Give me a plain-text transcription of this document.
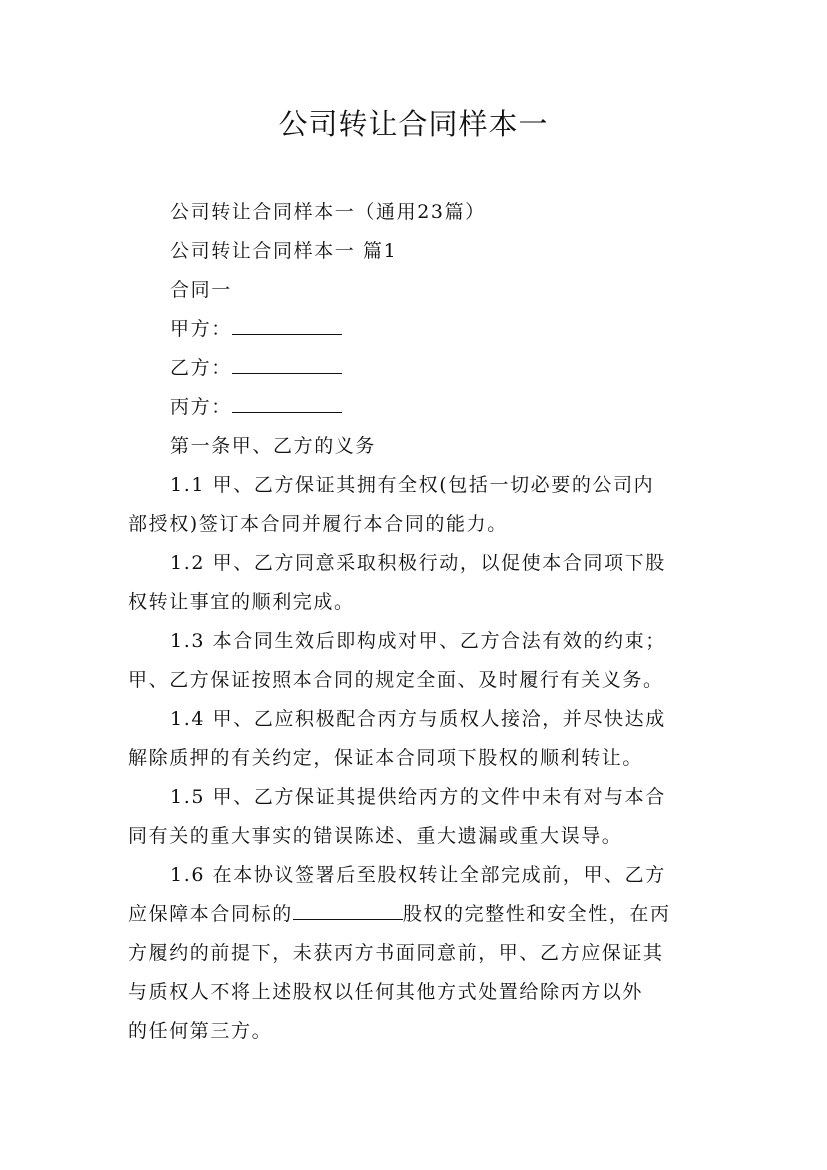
公司转让合同样本一
公司转让合同样本一（通用23篇）
公司转让合同样本一 篇1
合同一
甲方：
乙方：
丙方：
第一条甲、乙方的义务
1.1 甲、乙方保证其拥有全权(包括一切必要的公司内
部授权)签订本合同并履行本合同的能力。
1.2 甲、乙方同意采取积极行动，以促使本合同项下股
权转让事宜的顺利完成。
1.3 本合同生效后即构成对甲、乙方合法有效的约束；
甲、乙方保证按照本合同的规定全面、及时履行有关义务。
1.4 甲、乙应积极配合丙方与质权人接洽，并尽快达成
解除质押的有关约定，保证本合同项下股权的顺利转让。
1.5 甲、乙方保证其提供给丙方的文件中未有对与本合
同有关的重大事实的错误陈述、重大遗漏或重大误导。
1.6 在本协议签署后至股权转让全部完成前，甲、乙方
应保障本合同标的	股权的完整性和安全性，在丙
方履约的前提下，未获丙方书面同意前，甲、乙方应保证其
与质权人不将上述股权以任何其他方式处置给除丙方以外
的任何第三方。
